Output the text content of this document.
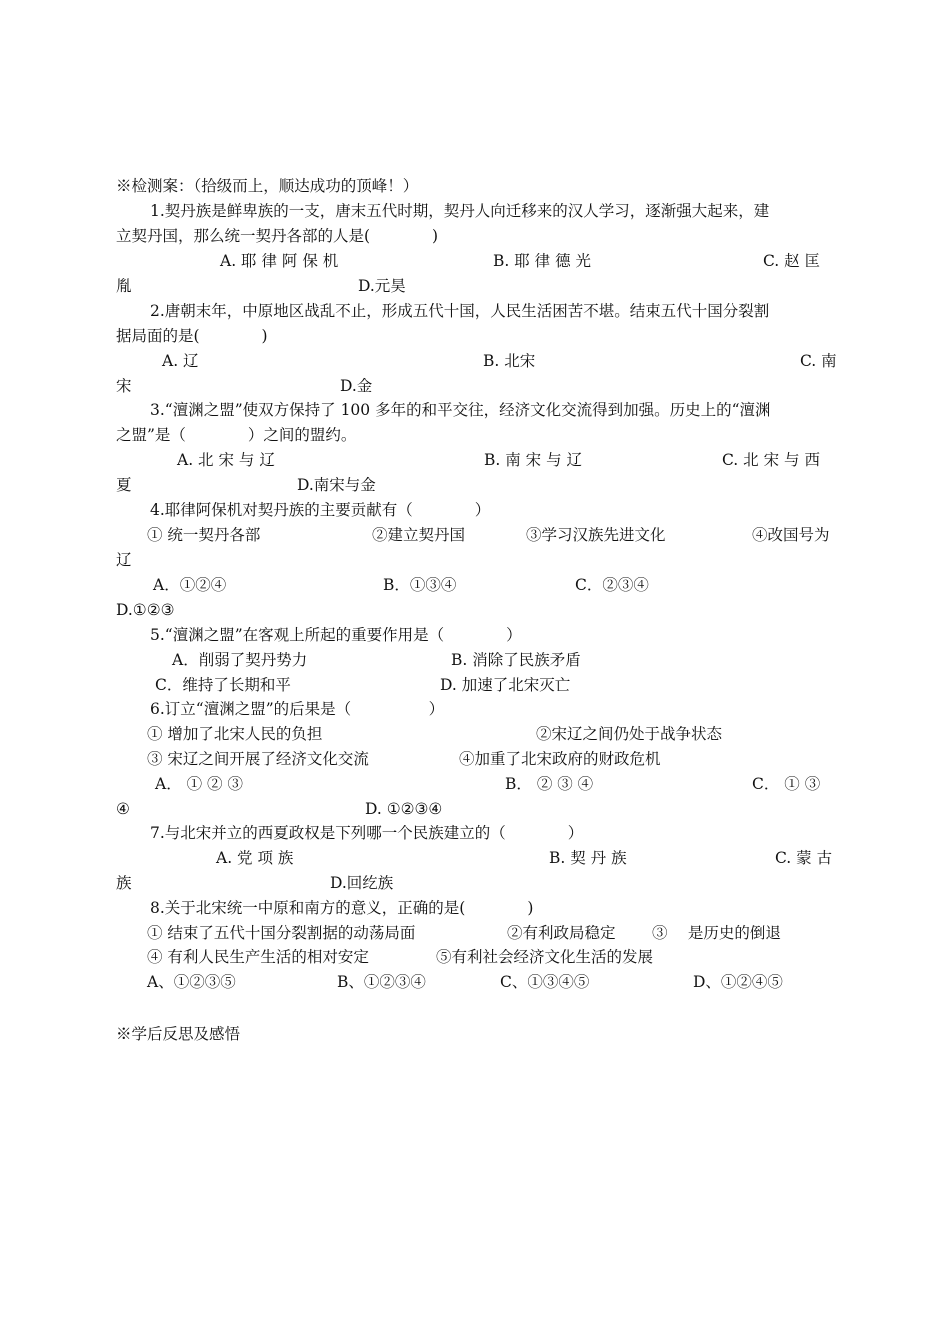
※检测案：（拾级而上，顺达成功的顶峰！）
1.契丹族是鲜卑族的一支，唐末五代时期，契丹人向迁移来的汉人学习，逐渐强大起来，建
立契丹国，那么统一契丹各部的人是(　　　　)
A. 耶 律 阿 保 机	B. 耶 律 德 光	C. 赵 匡
胤	D.元昊
2.唐朝末年，中原地区战乱不止，形成五代十国，人民生活困苦不堪。结束五代十国分裂割
据局面的是(　　　　)
A. 辽	B. 北宋	C. 南
宋	D.金
3.“澶渊之盟”使双方保持了 100 多年的和平交往，经济文化交流得到加强。历史上的“澶渊
之盟”是（　　　　）之间的盟约。
A. 北 宋 与 辽	B. 南 宋 与 辽	C. 北 宋 与 西
夏	D.南宋与金
4.耶律阿保机对契丹族的主要贡献有（　　　　）
① 统一契丹各部	②建立契丹国	③学习汉族先进文化	④改国号为
辽
A．①②④	B．①③④	C．②③④
D.①②③
5.“澶渊之盟”在客观上所起的重要作用是（　　　　）
A．削弱了契丹势力	B. 消除了民族矛盾
C．维持了长期和平	D. 加速了北宋灭亡
6.订立“澶渊之盟”的后果是（　　　　　）
① 增加了北宋人民的负担	②宋辽之间仍处于战争状态
③ 宋辽之间开展了经济文化交流	④加重了北宋政府的财政危机
A． ① ② ③	B． ② ③ ④	C． ① ③
④	D. ①②③④
7.与北宋并立的西夏政权是下列哪一个民族建立的（　　　　）
A. 党 项 族	B. 契 丹 族	C. 蒙 古
族	D.回纥族
8.关于北宋统一中原和南方的意义，正确的是(　　　　)
① 结束了五代十国分裂割据的动荡局面	②有利政局稳定 ③　 是历史的倒退
④ 有利人民生产生活的相对安定	⑤有利社会经济文化生活的发展
A、①②③⑤	B、①②③④	C、①③④⑤	D、①②④⑤
※学后反思及感悟
